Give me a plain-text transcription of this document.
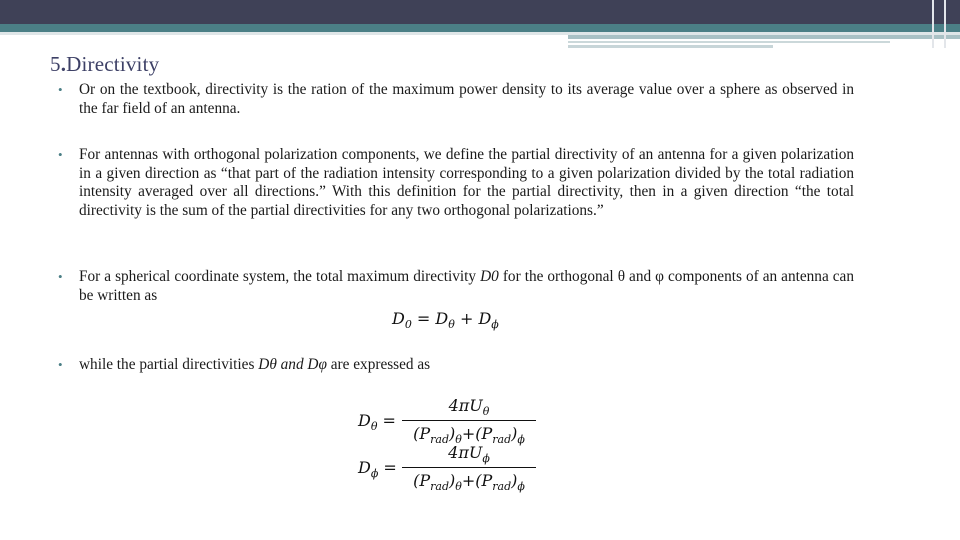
5.Directivity
• Or on the textbook, directivity is the ration of the maximum power density to its average value over a sphere as observed in the far field of an antenna.
• For antennas with orthogonal polarization components, we define the partial directivity of an antenna for a given polarization in a given direction as “that part of the radiation intensity corresponding to a given polarization divided by the total radiation intensity averaged over all directions.” With this definition for the partial directivity, then in a given direction “the total directivity is the sum of the partial directivities for any two orthogonal polarizations.”
• For a spherical coordinate system, the total maximum directivity D0 for the orthogonal θ and φ components of an antenna can be written as
$D_0 = D_\theta + D_\phi$
• while the partial directivities Dθ and Dφ are expressed as
$D_\theta$ =
$4\pi U_\theta$
$(P_{rad})_\theta+(P_{rad})_\phi$
$D_\phi$ =
$4\pi U_\phi$
$(P_{rad})_\theta+(P_{rad})_\phi$
